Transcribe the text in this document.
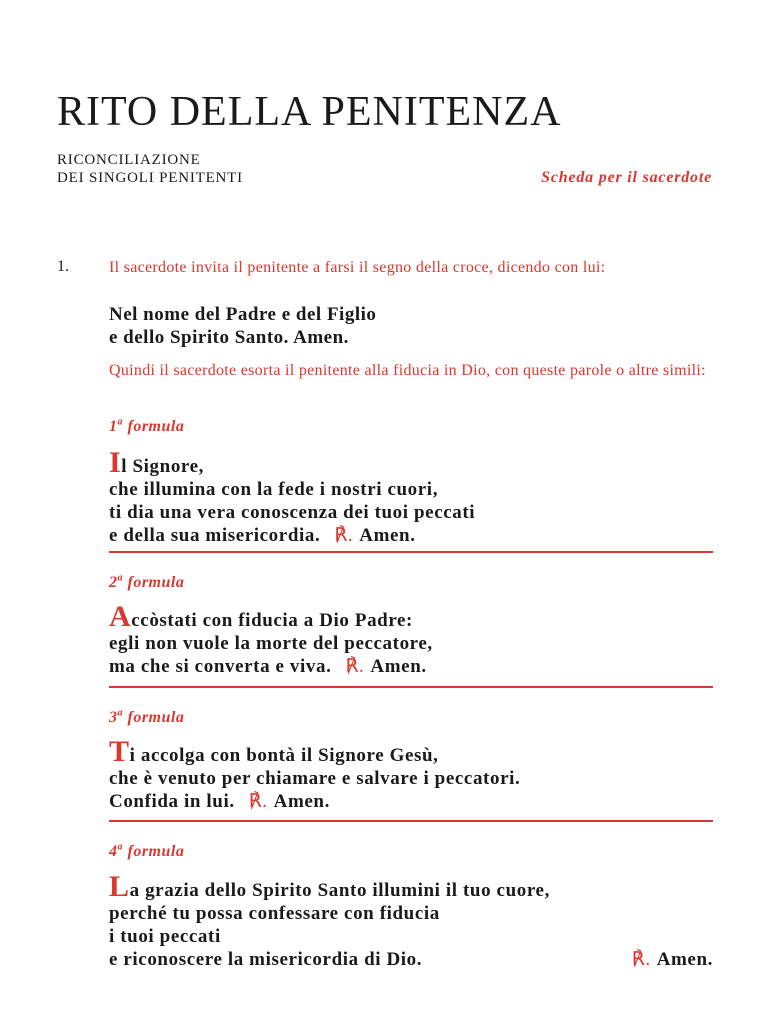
RITO DELLA PENITENZA
RICONCILIAZIONE
DEI SINGOLI PENITENTI	Scheda per il sacerdote
1.	Il sacerdote invita il penitente a farsi il segno della croce, dicendo con lui:
Nel nome del Padre e del Figlio
e dello Spirito Santo. Amen.
Quindi il sacerdote esorta il penitente alla fiducia in Dio, con queste parole o altre simili:
1$^a$ formula
Il Signore,
che illumina con la fede i nostri cuori,
ti dia una vera conoscenza dei tuoi peccati
e della sua misericordia. ℟. Amen.
2$^a$ formula
Accòstati con fiducia a Dio Padre:
egli non vuole la morte del peccatore,
ma che si converta e viva. ℟. Amen.
3$^a$ formula
Ti accolga con bontà il Signore Gesù,
che è venuto per chiamare e salvare i peccatori.
Confida in lui. ℟. Amen.
4$^a$ formula
La grazia dello Spirito Santo illumini il tuo cuore,
perché tu possa confessare con fiducia
i tuoi peccati
e riconoscere la misericordia di Dio.	℟. Amen.
